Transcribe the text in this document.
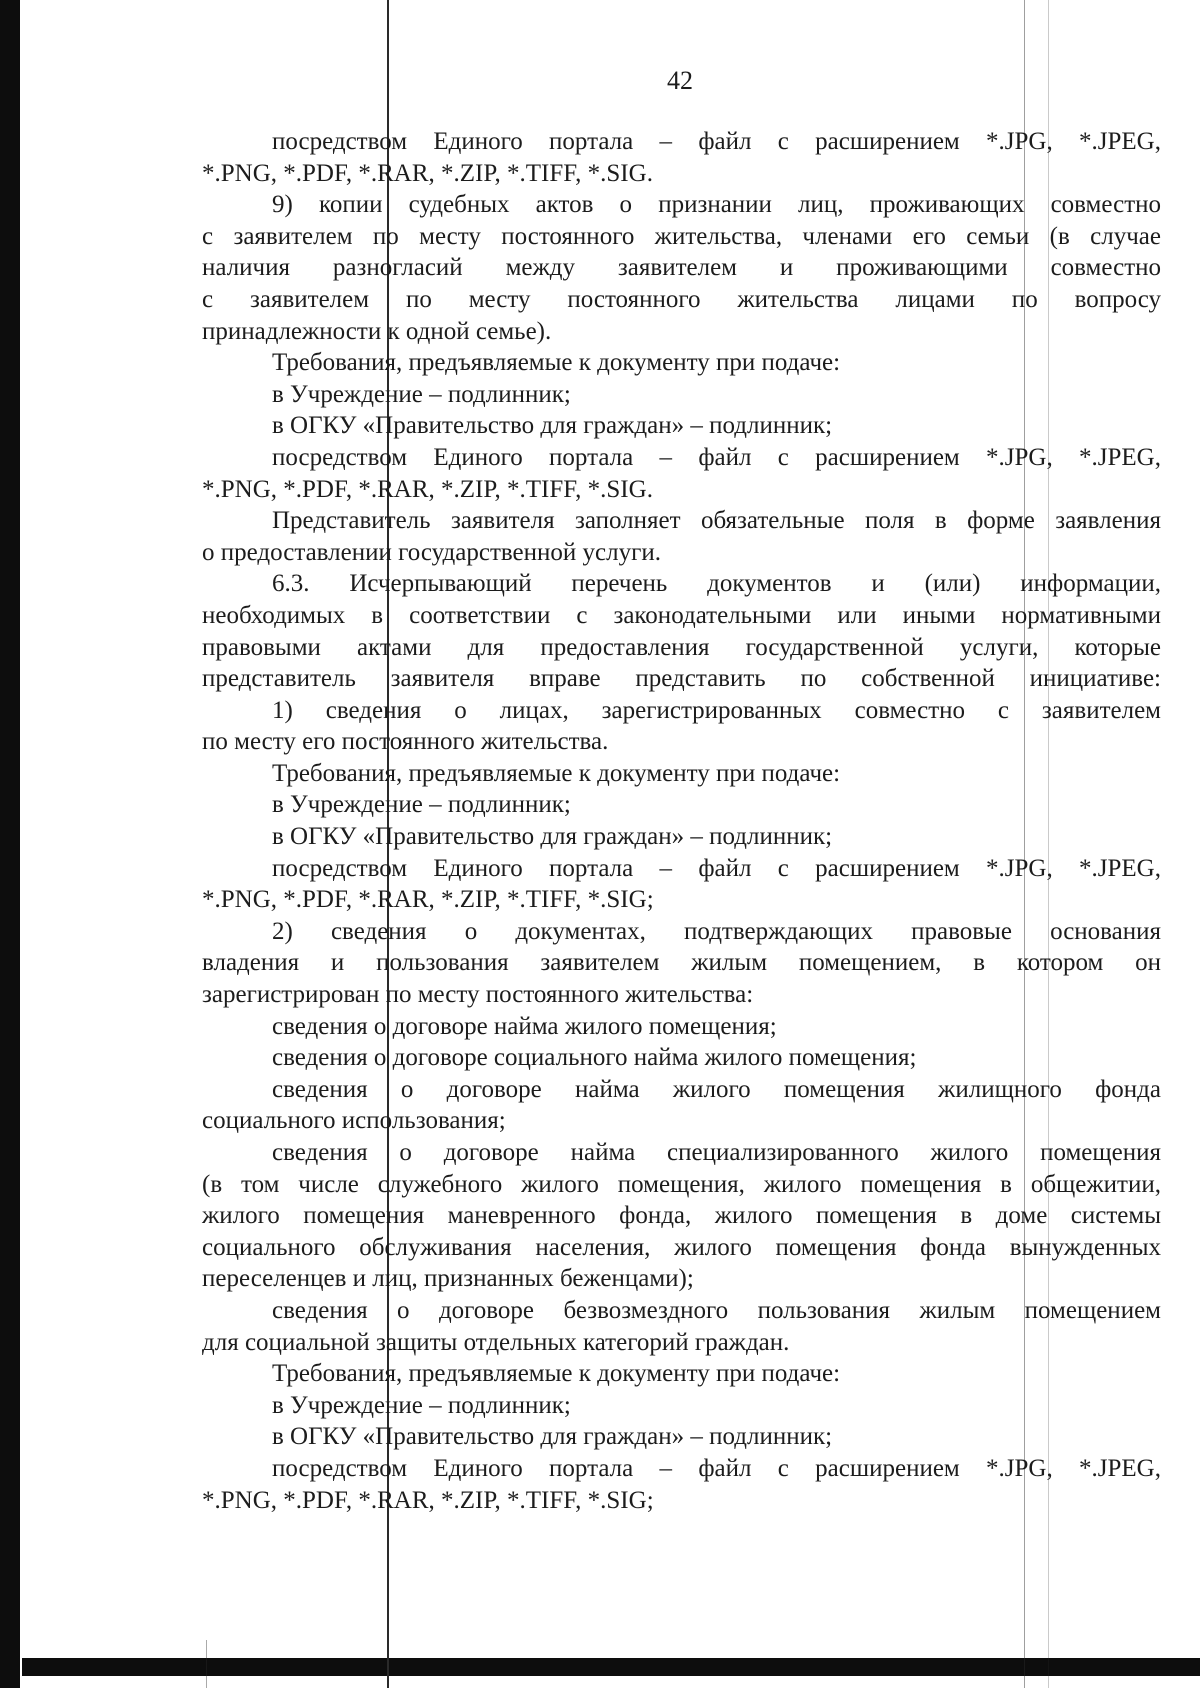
42

посредством Единого портала – файл с расширением *.JPG, *.JPEG,

*.PNG, *.PDF, *.RAR, *.ZIP, *.TIFF, *.SIG.

9) копии судебных актов о признании лиц, проживающих совместно

с заявителем по месту постоянного жительства, членами его семьи (в случае

наличия разногласий между заявителем и проживающими совместно

с заявителем по месту постоянного жительства лицами по вопросу

принадлежности к одной семье).

Требования, предъявляемые к документу при подаче:

в Учреждение – подлинник;

в ОГКУ «Правительство для граждан» – подлинник;

посредством Единого портала – файл с расширением *.JPG, *.JPEG,

*.PNG, *.PDF, *.RAR, *.ZIP, *.TIFF, *.SIG.

Представитель заявителя заполняет обязательные поля в форме заявления

о предоставлении государственной услуги.

6.3. Исчерпывающий перечень документов и (или) информации,

необходимых в соответствии с законодательными или иными нормативными

правовыми актами для предоставления государственной услуги, которые

представитель заявителя вправе представить по собственной инициативе:

1) сведения о лицах, зарегистрированных совместно с заявителем

по месту его постоянного жительства.

Требования, предъявляемые к документу при подаче:

в Учреждение – подлинник;

в ОГКУ «Правительство для граждан» – подлинник;

посредством Единого портала – файл с расширением *.JPG, *.JPEG,

*.PNG, *.PDF, *.RAR, *.ZIP, *.TIFF, *.SIG;

2) сведения о документах, подтверждающих правовые основания

владения и пользования заявителем жилым помещением, в котором он

зарегистрирован по месту постоянного жительства:

сведения о договоре найма жилого помещения;

сведения о договоре социального найма жилого помещения;

сведения о договоре найма жилого помещения жилищного фонда

социального использования;

сведения о договоре найма специализированного жилого помещения

(в том числе служебного жилого помещения, жилого помещения в общежитии,

жилого помещения маневренного фонда, жилого помещения в доме системы

социального обслуживания населения, жилого помещения фонда вынужденных

переселенцев и лиц, признанных беженцами);

сведения о договоре безвозмездного пользования жилым помещением

для социальной защиты отдельных категорий граждан.

Требования, предъявляемые к документу при подаче:

в Учреждение – подлинник;

в ОГКУ «Правительство для граждан» – подлинник;

посредством Единого портала – файл с расширением *.JPG, *.JPEG,

*.PNG, *.PDF, *.RAR, *.ZIP, *.TIFF, *.SIG;
